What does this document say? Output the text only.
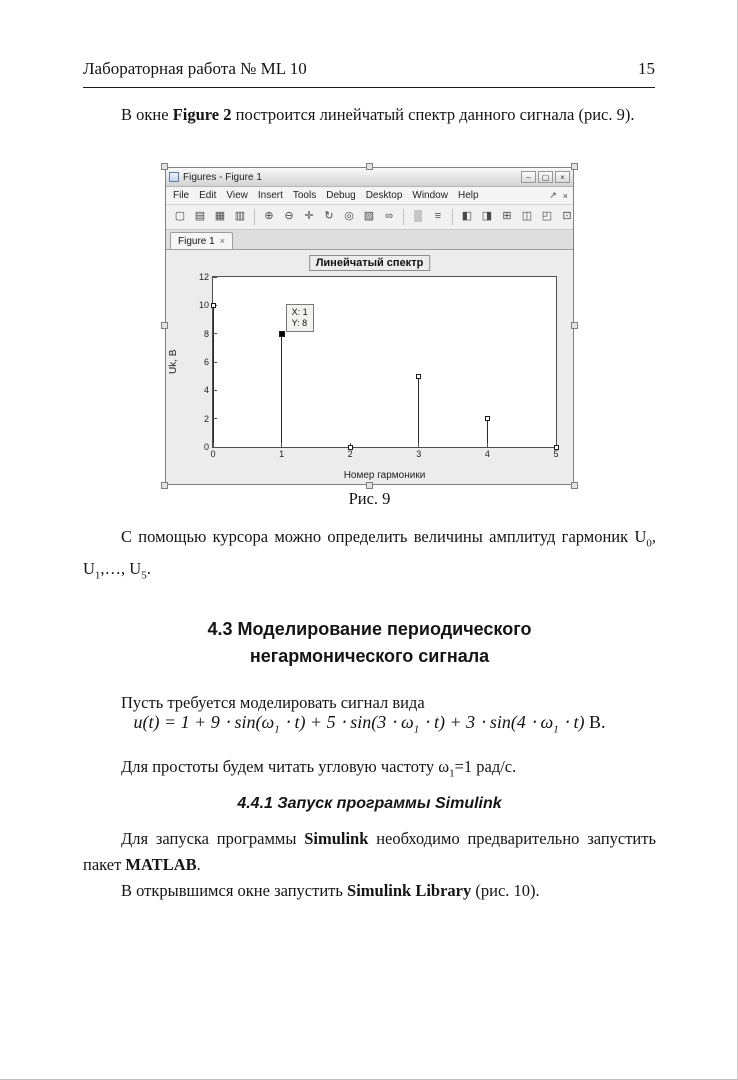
Лабораторная работа № ML 10	15

В окне Figure 2 построится линейчатый спектр данного сигнала (рис. 9).

Figures - Figure 1	–	▢	×
File	Edit	View	Insert	Tools	Debug	Desktop	Window	Help	↗ ×
▢ ▤ ▦ ▥	⊕ ⊖ ✛ ↻ ◎ ▨ ∞	▒	≡	◧ ◨ ⊞ ◫ ◰ ⊡
Figure 1 ×
Линейчатый спектр
Uk, B
0	1	2	3	4	5
0
2
4
6
8
10
12
X: 1
Y: 8
Номер гармоники

Рис. 9

С помощью курсора можно определить величины амплитуд гармоник $U_0$, $U_1,\dots$, $U_5$.

4.3 Моделирование периодического
негармонического сигнала

Пусть требуется моделировать сигнал вида

$u(t) = 1 + 9 \cdot \sin(\omega_1 \cdot t) + 5 \cdot \sin(3 \cdot \omega_1 \cdot t) + 3 \cdot \sin(4 \cdot \omega_1 \cdot t)$ В.

Для простоты будем читать угловую частоту $\omega_1=1$ рад/с.

4.4.1 Запуск программы Simulink

Для запуска программы Simulink необходимо предварительно запустить пакет MATLAB.

В открывшимся окне запустить Simulink Library (рис. 10).
